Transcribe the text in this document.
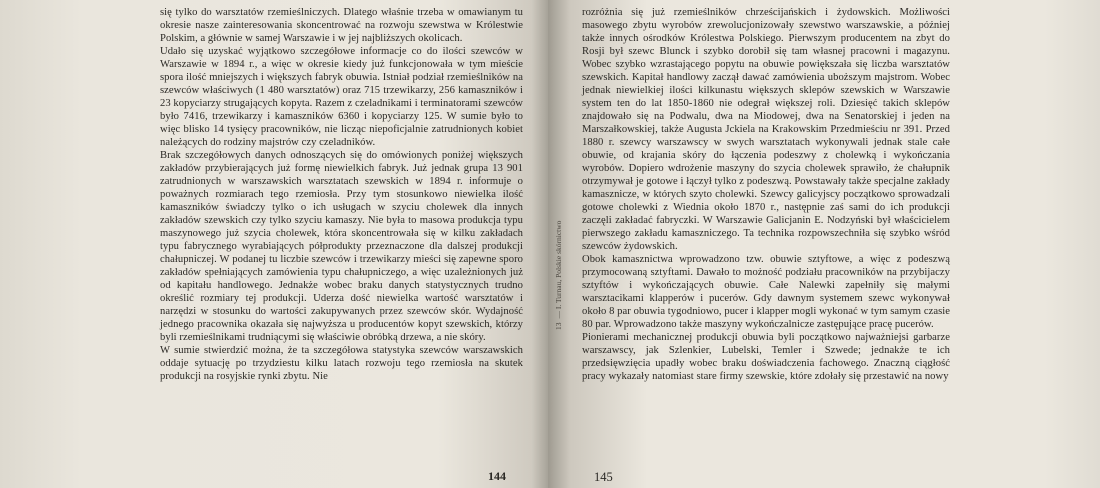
się tylko do warsztatów rzemieślniczych. Dlatego właśnie trzeba w omawianym tu okresie nasze zainteresowania skoncentrować na rozwoju szewstwa w Królestwie Polskim, a głównie w samej Warszawie i w jej najbliższych okolicach.

Udało się uzyskać wyjątkowo szczegółowe informacje co do ilości szewców w Warszawie w 1894 r., a więc w okresie kiedy już funkcjonowała w tym mieście spora ilość mniejszych i większych fabryk obuwia. Istniał podział rzemieślników na szewców właściwych (1 480 warsztatów) oraz 715 trzewikarzy, 256 kamaszników i 23 kopyciarzy strugających kopyta. Razem z czeladnikami i terminatorami szewców było 7416, trzewikarzy i kamaszników 6360 i kopyciarzy 125. W sumie było to więc blisko 14 tysięcy pracowników, nie licząc niepoficjalnie zatrudnionych kobiet należących do rodziny majstrów czy czeladników.

Brak szczegółowych danych odnoszących się do omówionych poniżej większych zakładów przybierających już formę niewielkich fabryk. Już jednak grupa 13 901 zatrudnionych w warszawskich warsztatach szewskich w 1894 r. informuje o poważnych rozmiarach tego rzemiosła. Przy tym stosunkowo niewielka ilość kamaszników świadczy tylko o ich usługach w szyciu cholewek dla innych zakładów szewskich czy tylko szyciu kamaszy. Nie była to masowa produkcja typu maszynowego już szycia cholewek, która skoncentrowała się w kilku zakładach typu fabrycznego wyrabiających półprodukty przeznaczone dla dalszej produkcji chałupniczej. W podanej tu liczbie szewców i trzewikarzy mieści się zapewne sporo zakładów spełniających zamówienia typu chałupniczego, a więc uzależnionych już od kapitału handlowego. Jednakże wobec braku danych statystycznych trudno określić rozmiary tej produkcji. Uderza dość niewielka wartość warsztatów i narzędzi w stosunku do wartości zakupywanych przez szewców skór. Wydajność jednego pracownika okazała się najwyższa u producentów kopyt szewskich, którzy byli rzemieślnikami trudniącymi się właściwie obróbką drzewa, a nie skóry.

W sumie stwierdzić można, że ta szczegółowa statystyka szewców warszawskich oddaje sytuację po trzydziestu kilku latach rozwoju tego rzemiosła na skutek produkcji na rosyjskie rynki zbytu. Nie

144

rozróżnia się już rzemieślników chrześcijańskich i żydowskich. Możliwości masowego zbytu wyrobów zrewolucjonizowały szewstwo warszawskie, a później także innych ośrodków Królestwa Polskiego. Pierwszym producentem na zbyt do Rosji był szewc Blunck i szybko dorobił się tam własnej pracowni i magazynu. Wobec szybko wzrastającego popytu na obuwie powiększała się liczba warsztatów szewskich. Kapitał handlowy zaczął dawać zamówienia uboższym majstrom. Wobec jednak niewielkiej ilości kilkunastu większych sklepów szewskich w Warszawie system ten do lat 1850-1860 nie odegrał większej roli. Dziesięć takich sklepów znajdowało się na Podwalu, dwa na Miodowej, dwa na Senatorskiej i jeden na Marszałkowskiej, także Augusta Jckiela na Krakowskim Przedmieściu nr 391. Przed 1880 r. szewcy warszawscy w swych warsztatach wykonywali jednak stale całe obuwie, od krajania skóry do łączenia podeszwy z cholewką i wykończania wyrobów. Dopiero wdrożenie maszyny do szycia cholewek sprawiło, że chałupnik otrzymywał je gotowe i łączył tylko z podeszwą. Powstawały także specjalne zakłady kamasznicze, w których szyto cholewki. Szewcy galicyjscy początkowo sprowadzali gotowe cholewki z Wiednia około 1870 r., następnie zaś sami do ich produkcji zaczęli zakładać fabryczki. W Warszawie Galicjanin E. Nodzyński był właścicielem pierwszego zakładu kamaszniczego. Ta technika rozpowszechniła się szybko wśród szewców żydowskich.

Obok kamasznictwa wprowadzono tzw. obuwie sztyftowe, a więc z podeszwą przymocowaną sztyftami. Dawało to możność podziału pracowników na przybijaczy sztyftów i wykończających obuwie. Całe Nalewki zapełniły się małymi warsztacikami klapperów i pucerów. Gdy dawnym systemem szewc wykonywał około 8 par obuwia tygodniowo, pucer i klapper mogli wykonać w tym samym czasie 80 par. Wprowadzono także maszyny wykończalnicze zastępujące pracę pucerów.

Pionierami mechanicznej produkcji obuwia byli początkowo najważniejsi garbarze warszawscy, jak Szlenkier, Lubelski, Temler i Szwede; jednakże te ich przedsięwzięcia upadły wobec braku doświadczenia fachowego. Znaczną ciągłość pracy wykazały natomiast stare firmy szewskie, które zdołały się przestawić na nowy

145

13— I. Turnau, Polskie skórnictwo
